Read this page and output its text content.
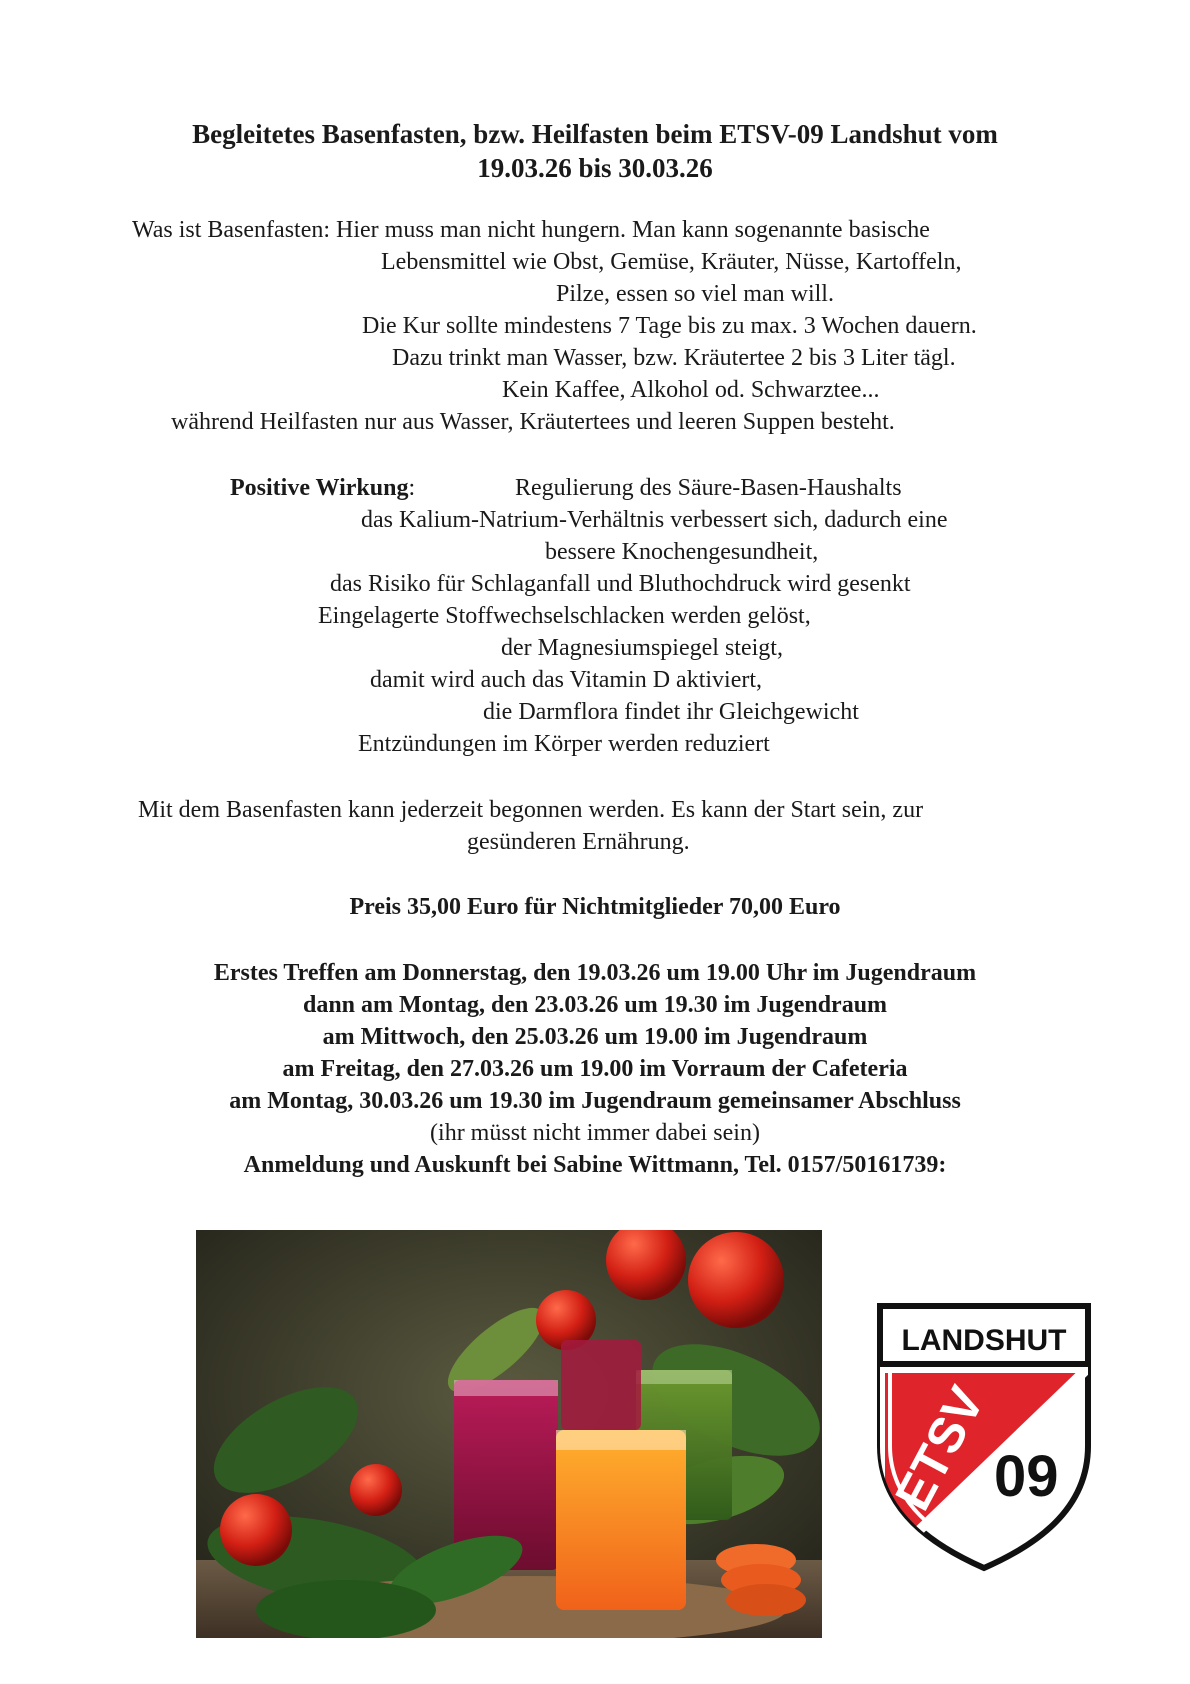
Begleitetes Basenfasten, bzw. Heilfasten beim ETSV-09 Landshut vom
19.03.26 bis 30.03.26
Was ist Basenfasten: Hier muss man nicht hungern. Man kann sogenannte basische
Lebensmittel wie Obst, Gemüse, Kräuter, Nüsse, Kartoffeln,
Pilze, essen so viel man will.
Die Kur sollte mindestens 7 Tage bis zu max. 3 Wochen dauern.
Dazu trinkt man Wasser, bzw. Kräutertee 2 bis 3 Liter tägl.
Kein Kaffee, Alkohol od. Schwarztee...
während Heilfasten nur aus Wasser, Kräutertees und leeren Suppen besteht.
Positive Wirkung:	Regulierung des Säure-Basen-Haushalts
das Kalium-Natrium-Verhältnis verbessert sich, dadurch eine
bessere Knochengesundheit,
das Risiko für Schlaganfall und Bluthochdruck wird gesenkt
Eingelagerte Stoffwechselschlacken werden gelöst,
der Magnesiumspiegel steigt,
damit wird auch das Vitamin D aktiviert,
die Darmflora findet ihr Gleichgewicht
Entzündungen im Körper werden reduziert
Mit dem Basenfasten kann jederzeit begonnen werden. Es kann der Start sein, zur
gesünderen Ernährung.
Preis 35,00 Euro für Nichtmitglieder 70,00 Euro
Erstes Treffen am Donnerstag, den 19.03.26 um 19.00 Uhr im Jugendraum
dann am Montag, den 23.03.26 um 19.30 im Jugendraum
am Mittwoch, den 25.03.26 um 19.00 im Jugendraum
am Freitag, den 27.03.26 um 19.00 im Vorraum der Cafeteria
am Montag, 30.03.26 um 19.30 im Jugendraum gemeinsamer Abschluss
(ihr müsst nicht immer dabei sein)
Anmeldung und Auskunft bei Sabine Wittmann, Tel. 0157/50161739:
LANDSHUT
ETSV
09
